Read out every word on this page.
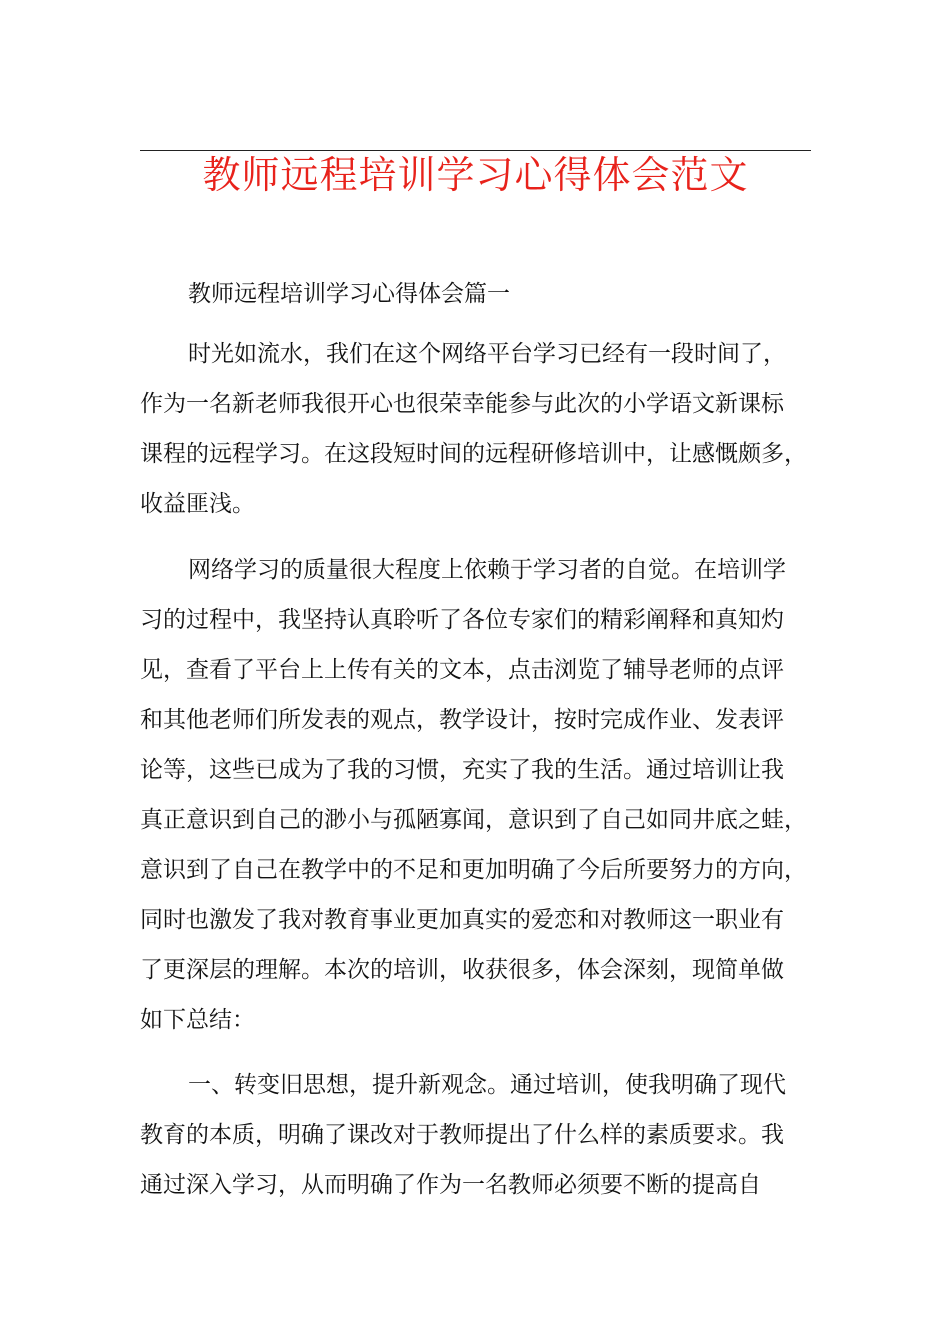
教师远程培训学习心得体会范文
教师远程培训学习心得体会篇一
时光如流水，我们在这个网络平台学习已经有一段时间了，
作为一名新老师我很开心也很荣幸能参与此次的小学语文新课标
课程的远程学习。在这段短时间的远程研修培训中，让感慨颇多，
收益匪浅。
网络学习的质量很大程度上依赖于学习者的自觉。在培训学
习的过程中，我坚持认真聆听了各位专家们的精彩阐释和真知灼
见，查看了平台上上传有关的文本，点击浏览了辅导老师的点评
和其他老师们所发表的观点，教学设计，按时完成作业、发表评
论等，这些已成为了我的习惯，充实了我的生活。通过培训让我
真正意识到自己的渺小与孤陋寡闻，意识到了自己如同井底之蛙，
意识到了自己在教学中的不足和更加明确了今后所要努力的方向，
同时也激发了我对教育事业更加真实的爱恋和对教师这一职业有
了更深层的理解。本次的培训，收获很多，体会深刻，现简单做
如下总结：
一、转变旧思想，提升新观念。通过培训，使我明确了现代
教育的本质，明确了课改对于教师提出了什么样的素质要求。我
通过深入学习，从而明确了作为一名教师必须要不断的提高自
